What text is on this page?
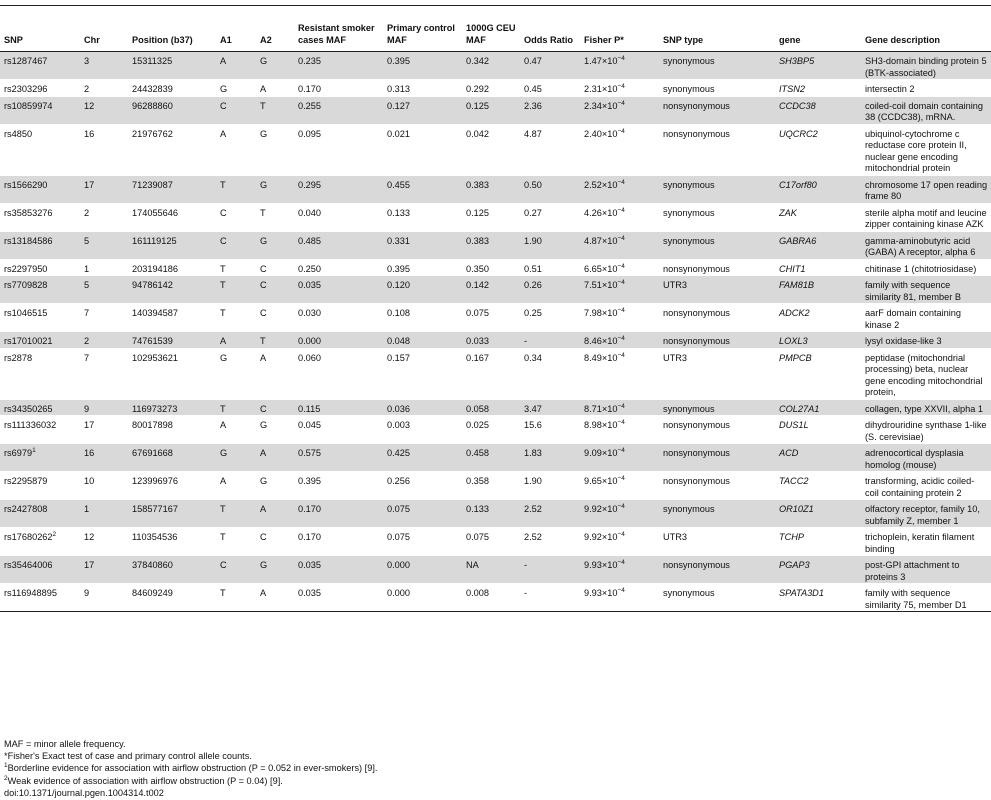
SNP	Chr	Position (b37)	A1	A2	Resistant smoker cases MAF	Primary control MAF	1000G CEU MAF	Odds Ratio	Fisher P*	SNP type	gene	Gene description
rs1287467	3	15311325	A	G	0.235	0.395	0.342	0.47	$1.47\times 10^{-4}$	synonymous	SH3BP5	SH3-domain binding protein 5 (BTK-associated)
rs2303296	2	24432839	G	A	0.170	0.313	0.292	0.45	$2.31\times 10^{-4}$	synonymous	ITSN2	intersectin 2
rs10859974	12	96288860	C	T	0.255	0.127	0.125	2.36	$2.34\times 10^{-4}$	nonsynonymous	CCDC38	coiled-coil domain containing 38 (CCDC38), mRNA.
rs4850	16	21976762	A	G	0.095	0.021	0.042	4.87	$2.40\times 10^{-4}$	nonsynonymous	UQCRC2	ubiquinol-cytochrome c reductase core protein II, nuclear gene encoding mitochondrial protein
rs1566290	17	71239087	T	G	0.295	0.455	0.383	0.50	$2.52\times 10^{-4}$	synonymous	C17orf80	chromosome 17 open reading frame 80
rs35853276	2	174055646	C	T	0.040	0.133	0.125	0.27	$4.26\times 10^{-4}$	synonymous	ZAK	sterile alpha motif and leucine zipper containing kinase AZK
rs13184586	5	161119125	C	G	0.485	0.331	0.383	1.90	$4.87\times 10^{-4}$	synonymous	GABRA6	gamma-aminobutyric acid (GABA) A receptor, alpha 6
rs2297950	1	203194186	T	C	0.250	0.395	0.350	0.51	$6.65\times 10^{-4}$	nonsynonymous	CHIT1	chitinase 1 (chitotriosidase)
rs7709828	5	94786142	T	C	0.035	0.120	0.142	0.26	$7.51\times 10^{-4}$	UTR3	FAM81B	family with sequence similarity 81, member B
rs1046515	7	140394587	T	C	0.030	0.108	0.075	0.25	$7.98\times 10^{-4}$	nonsynonymous	ADCK2	aarF domain containing kinase 2
rs17010021	2	74761539	A	T	0.000	0.048	0.033	-	$8.46\times 10^{-4}$	nonsynonymous	LOXL3	lysyl oxidase-like 3
rs2878	7	102953621	G	A	0.060	0.157	0.167	0.34	$8.49\times 10^{-4}$	UTR3	PMPCB	peptidase (mitochondrial processing) beta, nuclear gene encoding mitochondrial protein,
rs34350265	9	116973273	T	C	0.115	0.036	0.058	3.47	$8.71\times 10^{-4}$	synonymous	COL27A1	collagen, type XXVII, alpha 1
rs111336032	17	80017898	A	G	0.045	0.003	0.025	15.6	$8.98\times 10^{-4}$	nonsynonymous	DUS1L	dihydrouridine synthase 1-like (S. cerevisiae)
rs6979$^1$	16	67691668	G	A	0.575	0.425	0.458	1.83	$9.09\times 10^{-4}$	nonsynonymous	ACD	adrenocortical dysplasia homolog (mouse)
rs2295879	10	123996976	A	G	0.395	0.256	0.358	1.90	$9.65\times 10^{-4}$	nonsynonymous	TACC2	transforming, acidic coiled-coil containing protein 2
rs2427808	1	158577167	T	A	0.170	0.075	0.133	2.52	$9.92\times 10^{-4}$	synonymous	OR10Z1	olfactory receptor, family 10, subfamily Z, member 1
rs17680262$^2$	12	110354536	T	C	0.170	0.075	0.075	2.52	$9.92\times 10^{-4}$	UTR3	TCHP	trichoplein, keratin filament binding
rs35464006	17	37840860	C	G	0.035	0.000	NA	-	$9.93\times 10^{-4}$	nonsynonymous	PGAP3	post-GPI attachment to proteins 3
rs116948895	9	84609249	T	A	0.035	0.000	0.008	-	$9.93\times 10^{-4}$	synonymous	SPATA3D1	family with sequence similarity 75, member D1
MAF = minor allele frequency.
*Fisher's Exact test of case and primary control allele counts.
$^1$Borderline evidence for association with airflow obstruction (P = 0.052 in ever-smokers) [9].
$^2$Weak evidence of association with airflow obstruction (P = 0.04) [9].
doi:10.1371/journal.pgen.1004314.t002
